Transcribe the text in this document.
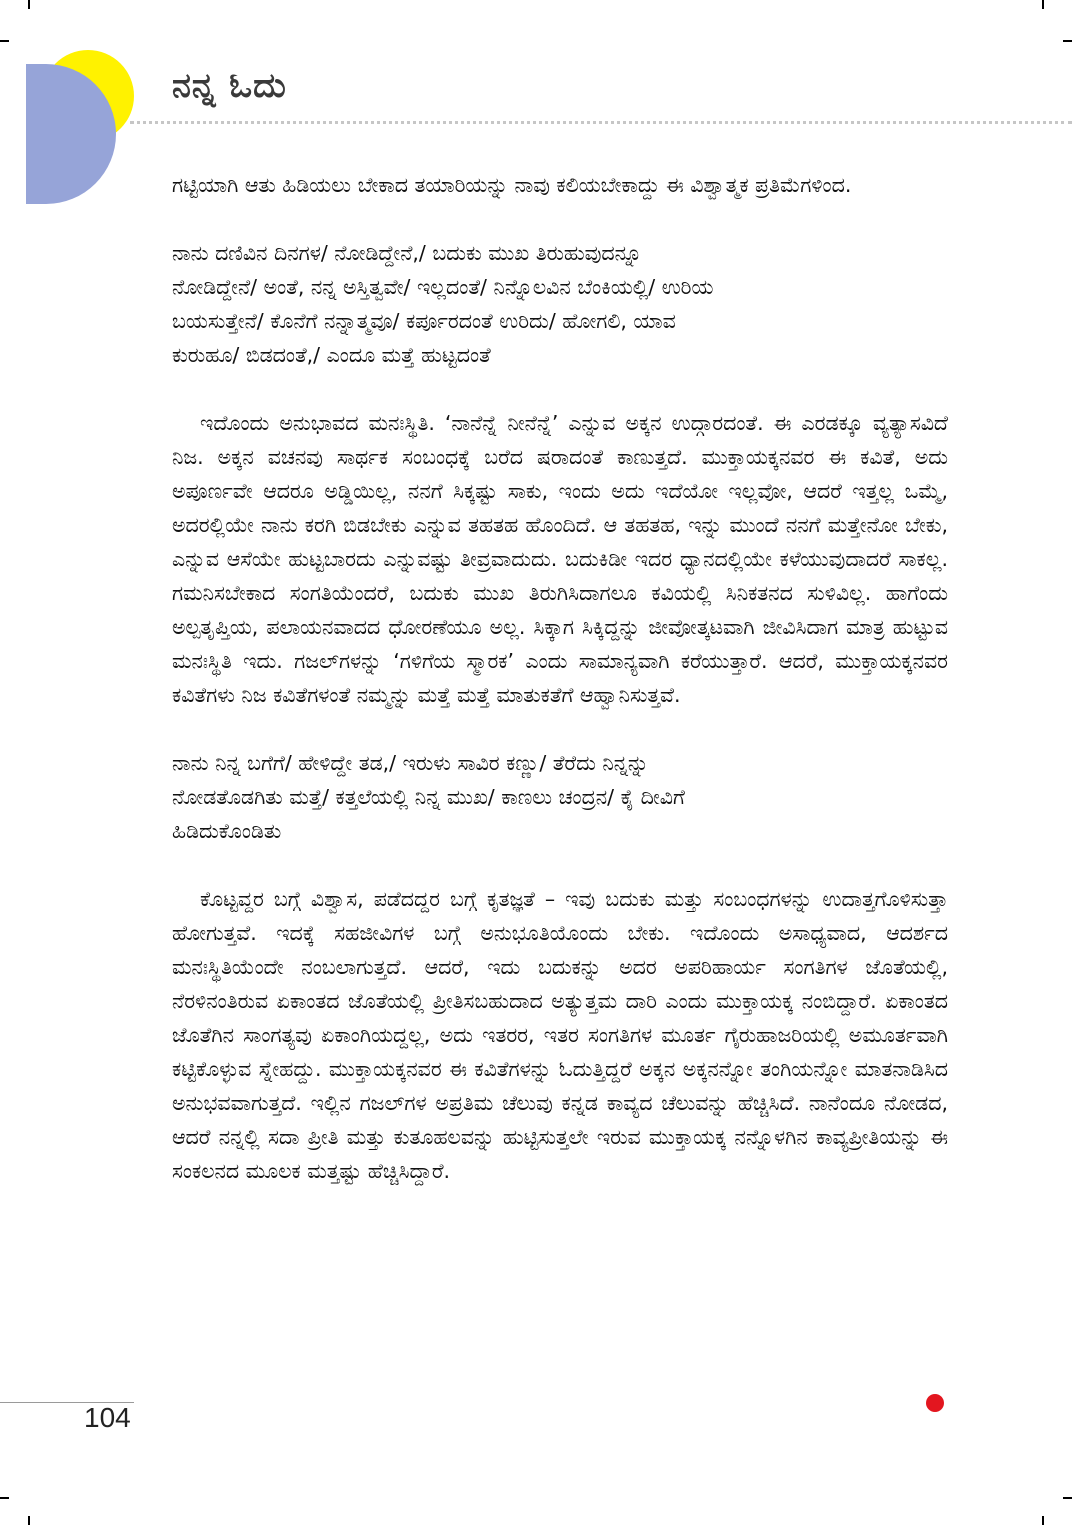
ನನ್ನ ಓದು

ಗಟ್ಟಿಯಾಗಿ ಆತು ಹಿಡಿಯಲು ಬೇಕಾದ ತಯಾರಿಯನ್ನು ನಾವು ಕಲಿಯಬೇಕಾದ್ದು ಈ ವಿಶ್ವಾತ್ಮಕ ಪ್ರತಿಮೆಗಳಿಂದ.

ನಾನು ದಣಿವಿನ ದಿನಗಳ/ ನೋಡಿದ್ದೇನೆ,/ ಬದುಕು ಮುಖ ತಿರುಹುವುದನ್ನೂ
ನೋಡಿದ್ದೇನೆ/ ಅಂತೆ, ನನ್ನ ಅಸ್ತಿತ್ವವೇ/ ಇಲ್ಲದಂತೆ/ ನಿನ್ನೊಲವಿನ ಬೆಂಕಿಯಲ್ಲಿ/ ಉರಿಯ
ಬಯಸುತ್ತೇನೆ/ ಕೊನೆಗೆ ನನ್ನಾತ್ಮವೂ/ ಕರ್ಪೂರದಂತೆ ಉರಿದು/ ಹೋಗಲಿ, ಯಾವ
ಕುರುಹೂ/ ಬಿಡದಂತೆ,/ ಎಂದೂ ಮತ್ತೆ ಹುಟ್ಟದಂತೆ

ಇದೊಂದು ಅನುಭಾವದ ಮನಃಸ್ಥಿತಿ. ‘ನಾನೆನ್ನೆ ನೀನೆನ್ನೆ’ ಎನ್ನುವ ಅಕ್ಕನ ಉದ್ಗಾರದಂತೆ. ಈ ಎರಡಕ್ಕೂ ವ್ಯತ್ಯಾಸವಿದೆ ನಿಜ. ಅಕ್ಕನ ವಚನವು ಸಾರ್ಥಕ ಸಂಬಂಧಕ್ಕೆ ಬರೆದ ಷರಾದಂತೆ ಕಾಣುತ್ತದೆ. ಮುಕ್ತಾಯಕ್ಕನವರ ಈ ಕವಿತೆ, ಅದು ಅಪೂರ್ಣವೇ ಆದರೂ ಅಡ್ಡಿಯಿಲ್ಲ, ನನಗೆ ಸಿಕ್ಕಷ್ಟು ಸಾಕು, ಇಂದು ಅದು ಇದೆಯೋ ಇಲ್ಲವೋ, ಆದರೆ ಇತ್ತಲ್ಲ ಒಮ್ಮೆ, ಅದರಲ್ಲಿಯೇ ನಾನು ಕರಗಿ ಬಿಡಬೇಕು ಎನ್ನುವ ತಹತಹ ಹೊಂದಿದೆ. ಆ ತಹತಹ, ಇನ್ನು ಮುಂದೆ ನನಗೆ ಮತ್ತೇನೋ ಬೇಕು, ಎನ್ನುವ ಆಸೆಯೇ ಹುಟ್ಟಬಾರದು ಎನ್ನುವಷ್ಟು ತೀವ್ರವಾದುದು. ಬದುಕಿಡೀ ಇದರ ಧ್ಯಾನದಲ್ಲಿಯೇ ಕಳೆಯುವುದಾದರೆ ಸಾಕಲ್ಲ. ಗಮನಿಸಬೇಕಾದ ಸಂಗತಿಯೆಂದರೆ, ಬದುಕು ಮುಖ ತಿರುಗಿಸಿದಾಗಲೂ ಕವಿಯಲ್ಲಿ ಸಿನಿಕತನದ ಸುಳಿವಿಲ್ಲ. ಹಾಗೆಂದು ಅಲ್ಪತೃಪ್ತಿಯ, ಪಲಾಯನವಾದದ ಧೋರಣೆಯೂ ಅಲ್ಲ. ಸಿಕ್ಕಾಗ ಸಿಕ್ಕಿದ್ದನ್ನು ಜೀವೋತ್ಕಟವಾಗಿ ಜೀವಿಸಿದಾಗ ಮಾತ್ರ ಹುಟ್ಟುವ ಮನಃಸ್ಥಿತಿ ಇದು. ಗಜಲ್‌ಗಳನ್ನು ‘ಗಳಿಗೆಯ ಸ್ಮಾರಕ’ ಎಂದು ಸಾಮಾನ್ಯವಾಗಿ ಕರೆಯುತ್ತಾರೆ. ಆದರೆ, ಮುಕ್ತಾಯಕ್ಕನವರ ಕವಿತೆಗಳು ನಿಜ ಕವಿತೆಗಳಂತೆ ನಮ್ಮನ್ನು ಮತ್ತೆ ಮತ್ತೆ ಮಾತುಕತೆಗೆ ಆಹ್ವಾನಿಸುತ್ತವೆ.

ನಾನು ನಿನ್ನ ಬಗೆಗೆ/ ಹೇಳಿದ್ದೇ ತಡ,/ ಇರುಳು ಸಾವಿರ ಕಣ್ಣು/ ತೆರೆದು ನಿನ್ನನ್ನು
ನೋಡತೊಡಗಿತು ಮತ್ತೆ/ ಕತ್ತಲೆಯಲ್ಲಿ ನಿನ್ನ ಮುಖ/ ಕಾಣಲು ಚಂದ್ರನ/ ಕೈ ದೀವಿಗೆ
ಹಿಡಿದುಕೊಂಡಿತು

ಕೊಟ್ಟವ್ದರ ಬಗ್ಗೆ ವಿಶ್ವಾಸ, ಪಡೆದದ್ದರ ಬಗ್ಗೆ ಕೃತಜ್ಞತೆ – ಇವು ಬದುಕು ಮತ್ತು ಸಂಬಂಧಗಳನ್ನು ಉದಾತ್ತಗೊಳಿಸುತ್ತಾ ಹೋಗುತ್ತವೆ. ಇದಕ್ಕೆ ಸಹಜೀವಿಗಳ ಬಗ್ಗೆ ಅನುಭೂತಿಯೊಂದು ಬೇಕು. ಇದೊಂದು ಅಸಾಧ್ಯವಾದ, ಆದರ್ಶದ ಮನಃಸ್ಥಿತಿಯೆಂದೇ ನಂಬಲಾಗುತ್ತದೆ. ಆದರೆ, ಇದು ಬದುಕನ್ನು ಅದರ ಅಪರಿಹಾರ್ಯ ಸಂಗತಿಗಳ ಜೊತೆಯಲ್ಲಿ, ನೆರಳಿನಂತಿರುವ ಏಕಾಂತದ ಜೊತೆಯಲ್ಲಿ ಪ್ರೀತಿಸಬಹುದಾದ ಅತ್ಯುತ್ತಮ ದಾರಿ ಎಂದು ಮುಕ್ತಾಯಕ್ಕ ನಂಬಿದ್ದಾರೆ. ಏಕಾಂತದ ಜೊತೆಗಿನ ಸಾಂಗತ್ಯವು ಏಕಾಂಗಿಯದ್ದಲ್ಲ, ಅದು ಇತರರ, ಇತರ ಸಂಗತಿಗಳ ಮೂರ್ತ ಗೈರುಹಾಜರಿಯಲ್ಲಿ ಅಮೂರ್ತವಾಗಿ ಕಟ್ಟಿಕೊಳ್ಳುವ ಸ್ನೇಹದ್ದು. ಮುಕ್ತಾಯಕ್ಕನವರ ಈ ಕವಿತೆಗಳನ್ನು ಓದುತ್ತಿದ್ದರೆ ಅಕ್ಕನ ಅಕ್ಕನನ್ನೋ ತಂಗಿಯನ್ನೋ ಮಾತನಾಡಿಸಿದ ಅನುಭವವಾಗುತ್ತದೆ. ಇಲ್ಲಿನ ಗಜಲ್‌ಗಳ ಅಪ್ರತಿಮ ಚೆಲುವು ಕನ್ನಡ ಕಾವ್ಯದ ಚೆಲುವನ್ನು ಹೆಚ್ಚಿಸಿದೆ. ನಾನೆಂದೂ ನೋಡದ, ಆದರೆ ನನ್ನಲ್ಲಿ ಸದಾ ಪ್ರೀತಿ ಮತ್ತು ಕುತೂಹಲವನ್ನು ಹುಟ್ಟಿಸುತ್ತಲೇ ಇರುವ ಮುಕ್ತಾಯಕ್ಕ ನನ್ನೊಳಗಿನ ಕಾವ್ಯಪ್ರೀತಿಯನ್ನು ಈ ಸಂಕಲನದ ಮೂಲಕ ಮತ್ತಷ್ಟು ಹೆಚ್ಚಿಸಿದ್ದಾರೆ.

104
